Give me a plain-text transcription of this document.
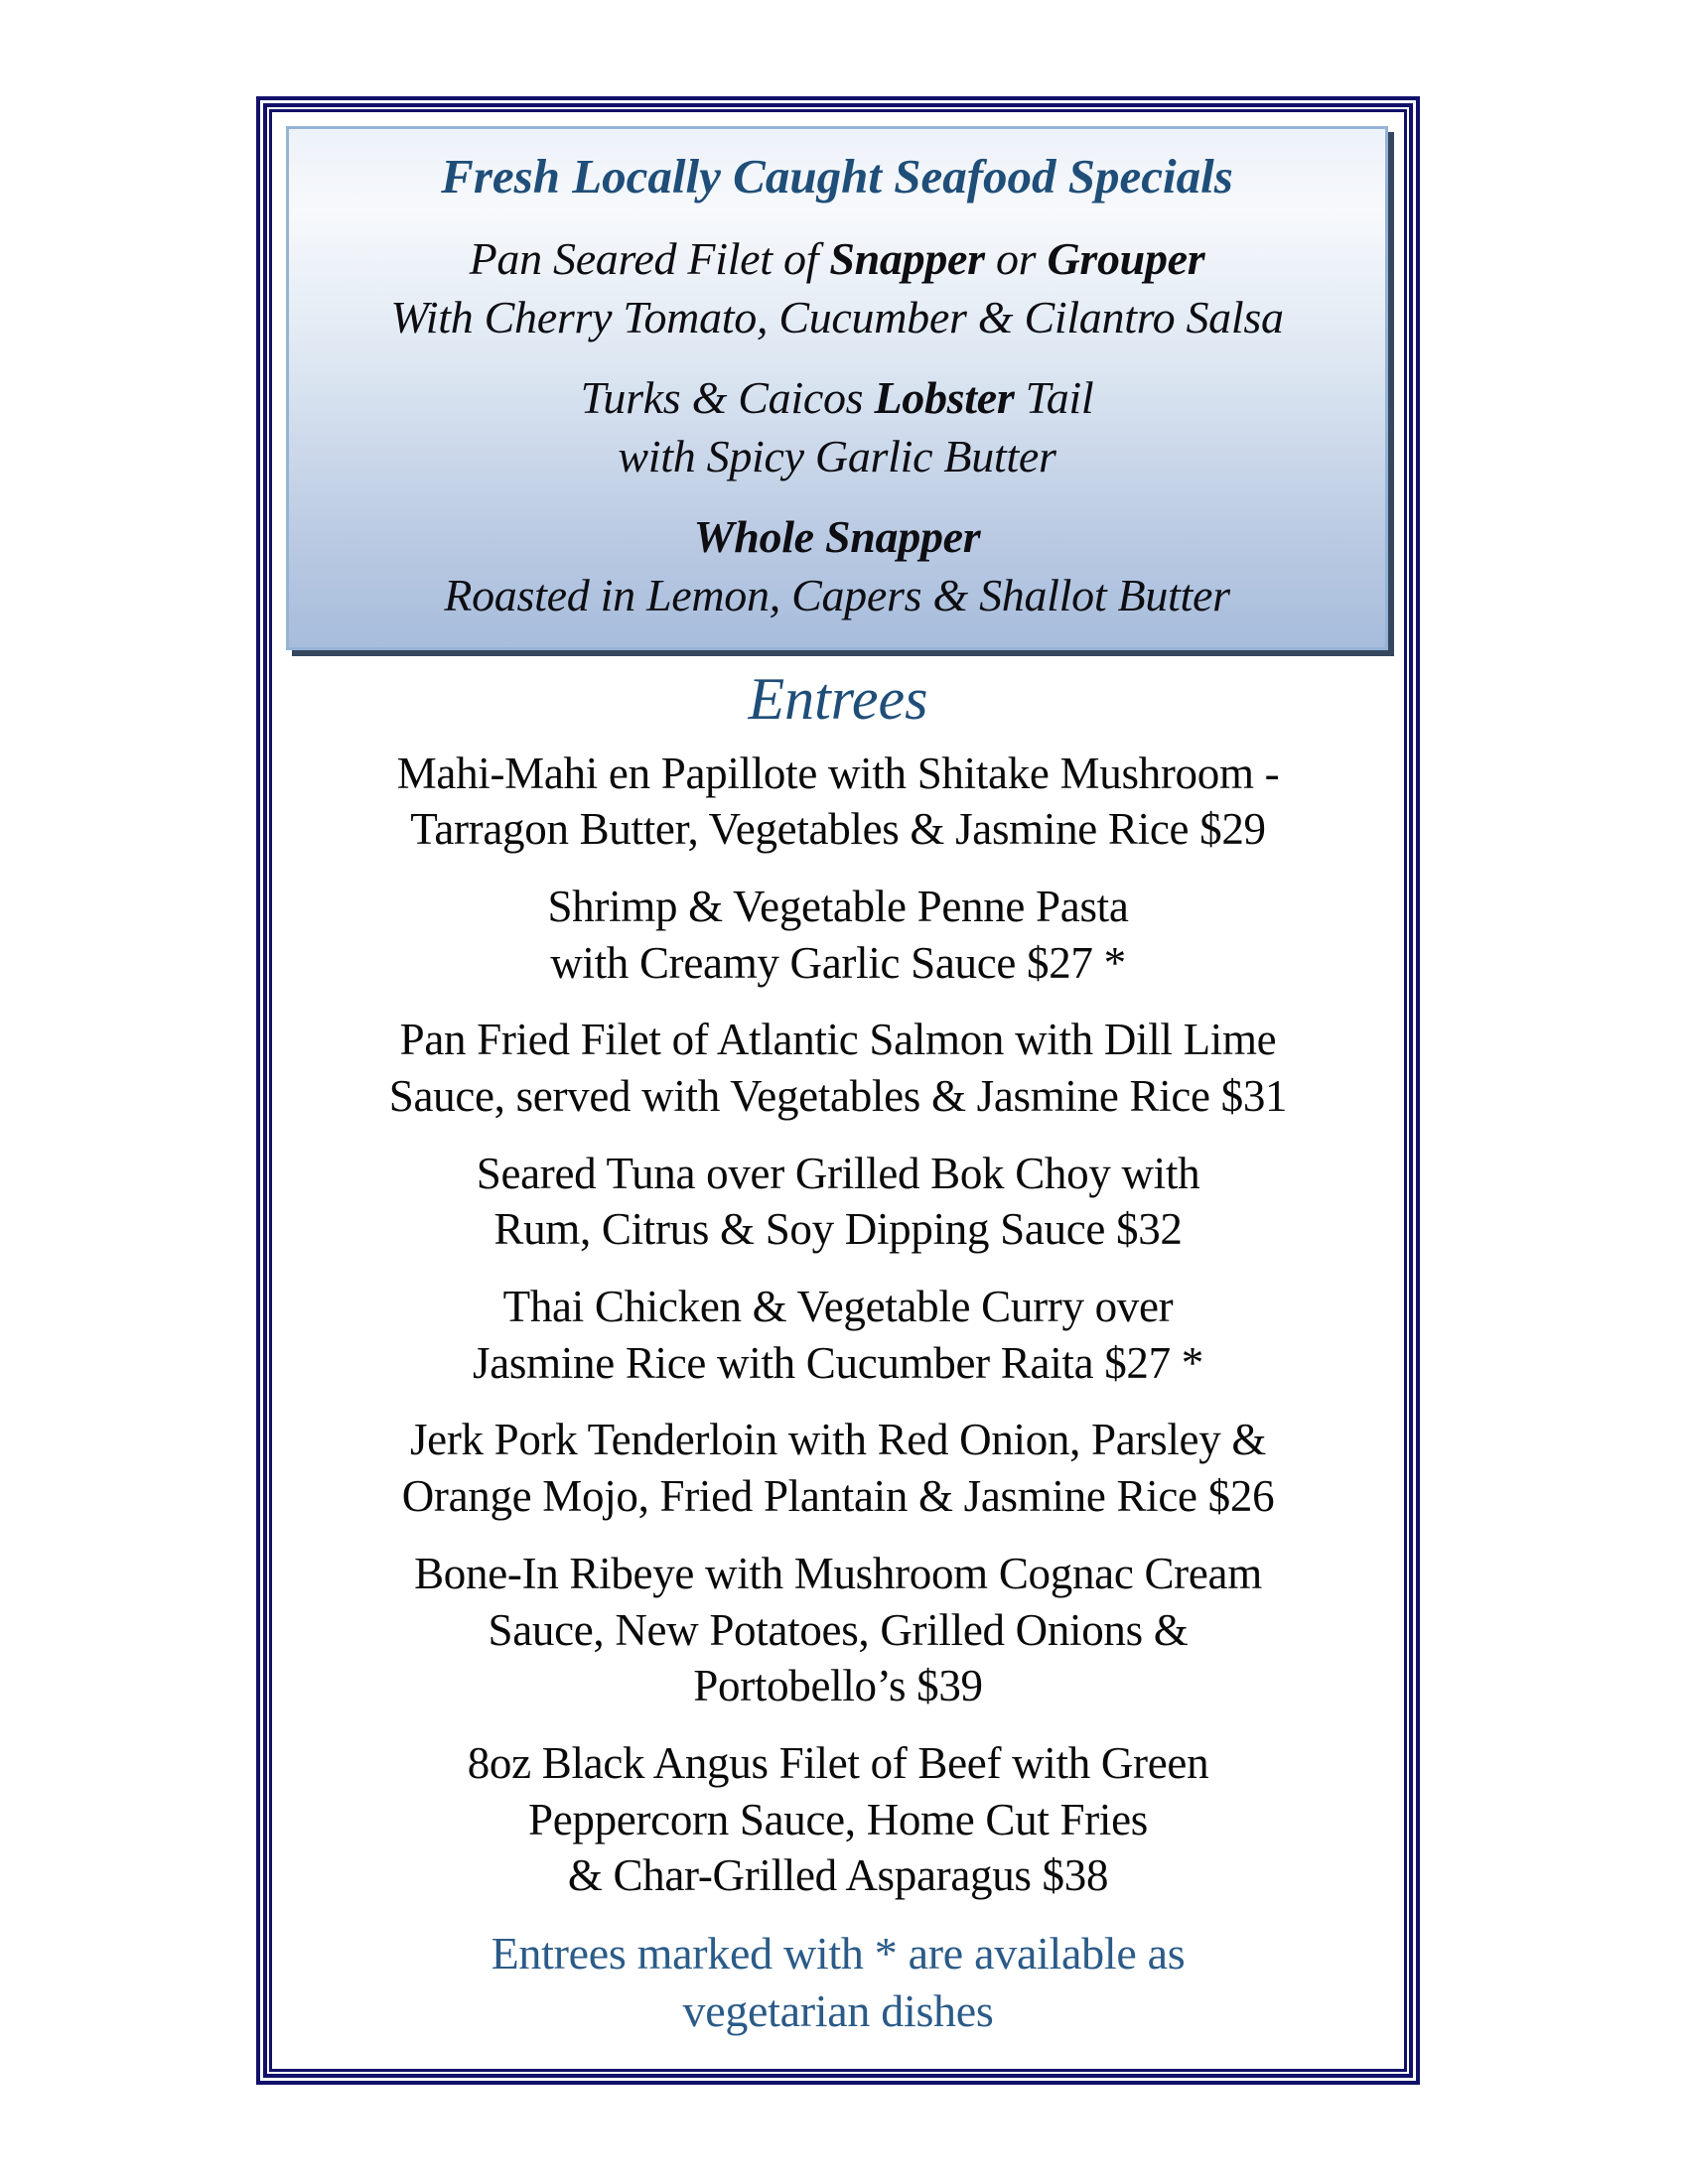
Fresh Locally Caught Seafood Specials

Pan Seared Filet of Snapper or Grouper
With Cherry Tomato, Cucumber & Cilantro Salsa

Turks & Caicos Lobster Tail
with Spicy Garlic Butter

Whole Snapper
Roasted in Lemon, Capers & Shallot Butter

Entrees

Mahi-Mahi en Papillote with Shitake Mushroom -
Tarragon Butter, Vegetables & Jasmine Rice $29

Shrimp & Vegetable Penne Pasta
with Creamy Garlic Sauce $27 *

Pan Fried Filet of Atlantic Salmon with Dill Lime
Sauce, served with Vegetables & Jasmine Rice $31

Seared Tuna over Grilled Bok Choy with
Rum, Citrus & Soy Dipping Sauce $32

Thai Chicken & Vegetable Curry over
Jasmine Rice with Cucumber Raita $27 *

Jerk Pork Tenderloin with Red Onion, Parsley &
Orange Mojo, Fried Plantain & Jasmine Rice $26

Bone-In Ribeye with Mushroom Cognac Cream
Sauce, New Potatoes, Grilled Onions &
Portobello’s $39

8oz Black Angus Filet of Beef with Green
Peppercorn Sauce, Home Cut Fries
& Char-Grilled Asparagus $38

Entrees marked with * are available as
vegetarian dishes
